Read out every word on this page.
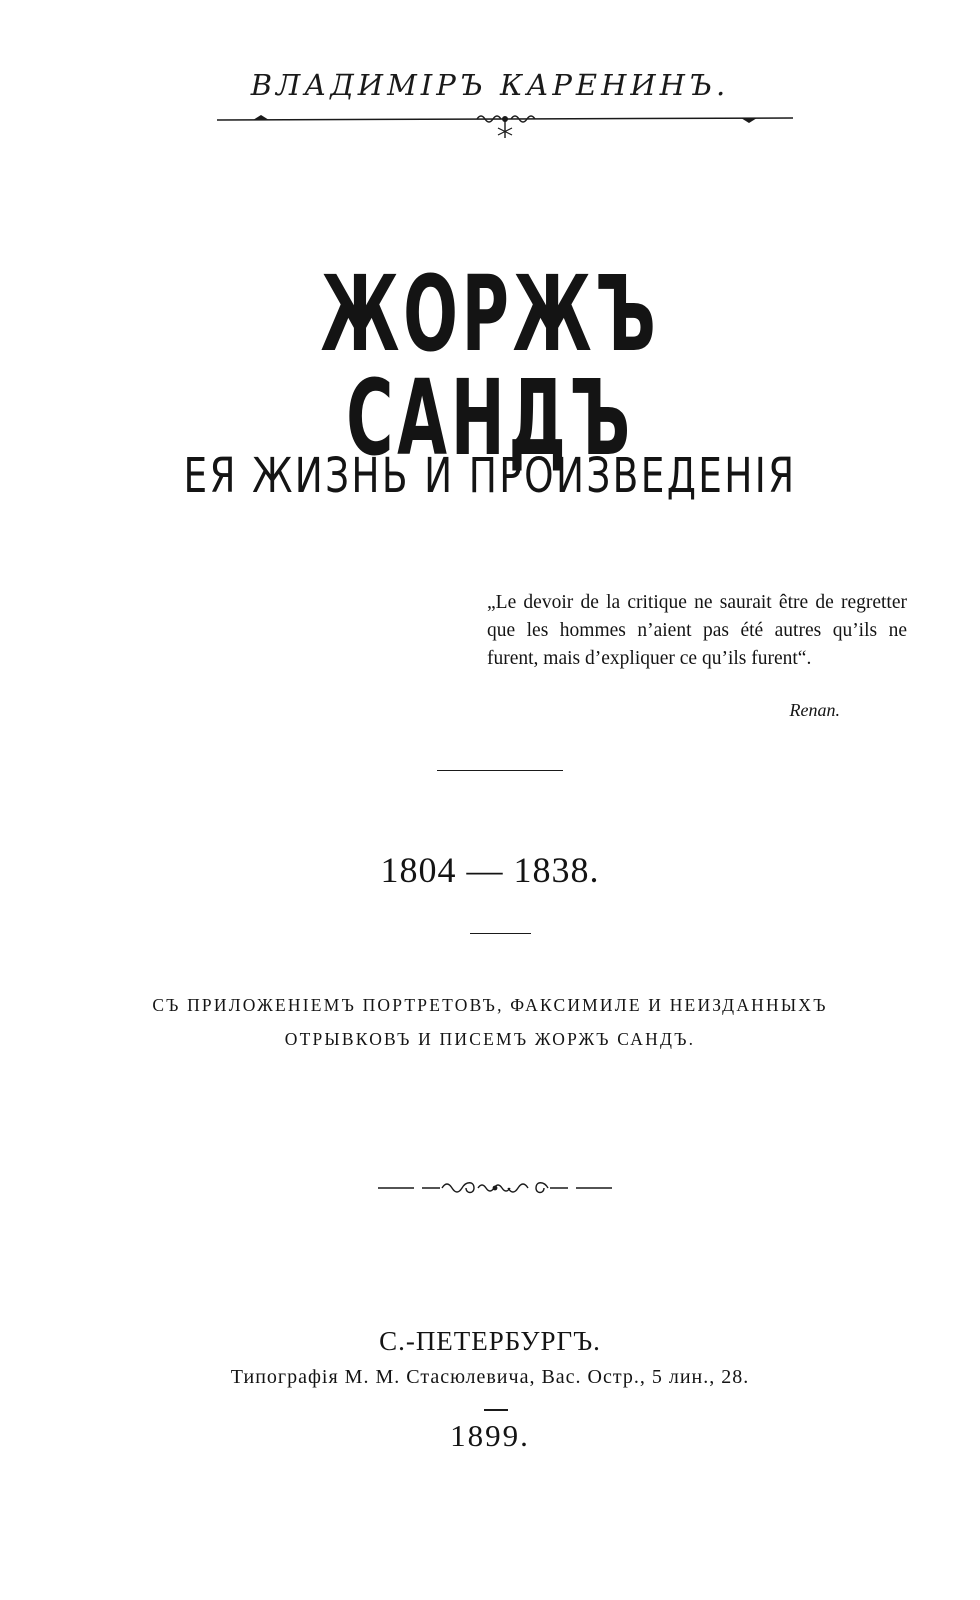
ВЛАДИМІРЪ КАРЕНИНЪ.
ЖОРЖЪ САНДЪ
ЕЯ ЖИЗНЬ И ПРОИЗВЕДЕНІЯ
„Le devoir de la critique ne saurait être de regretter que les hommes n’aient pas été autres qu’ils ne furent, mais d’expliquer ce qu’ils furent“.
Renan.
1804 — 1838.
СЪ ПРИЛОЖЕНІЕМЪ ПОРТРЕТОВЪ, ФАКСИМИЛЕ И НЕИЗДАННЫХЪ
ОТРЫВКОВЪ И ПИСЕМЪ ЖОРЖЪ САНДЪ.
С.-ПЕТЕРБУРГЪ.
Типографія М. М. Стасюлевича, Вас. Остр., 5 лин., 28.
1899.
